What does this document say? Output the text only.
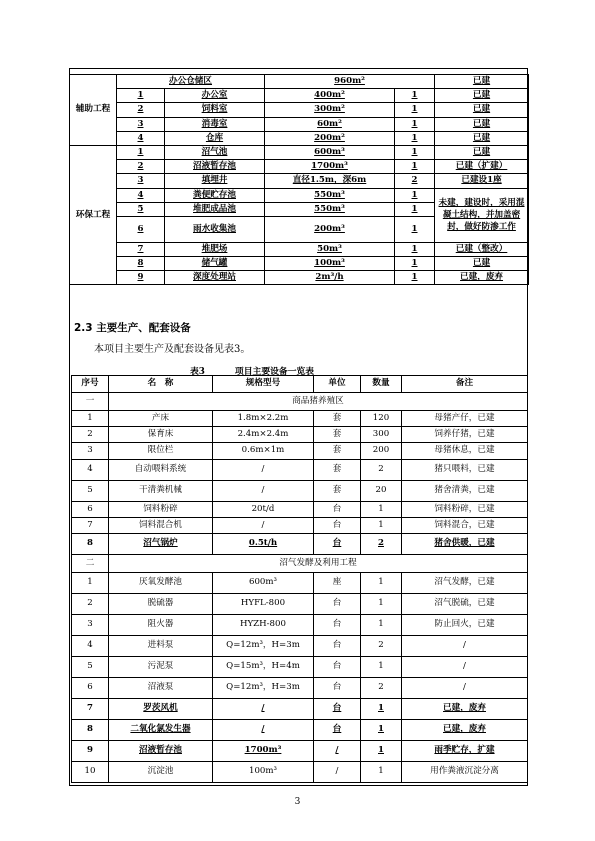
辅助工程	办公仓储区		960m²		已建
	1	办公室	400m²	1	已建
	2	饲料室	300m²	1	已建
	3	消毒室	60m²	1	已建
	4	仓库	200m²	1	已建
环保工程	1	沼气池	600m³	1	已建
	2	沼液暂存池	1700m³	1	已建（扩建）
	3	填埋井	直径1.5m，深6m	2	已建设1座
	4	粪便贮存池	550m³	1	未建，建设时，采用混凝土结构，并加盖密封，做好防渗工作
	5	堆肥成品池	550m³	1	
	6	雨水收集池	200m³	1	
	7	堆肥场	50m³	1	已建（整改）
	8	储气罐	100m³	1	已建
	9	深度处理站	2m³/h	1	已建，废弃
2.3 主要生产、配套设备
本项目主要生产及配套设备见表3。
表3	项目主要设备一览表
序号	名　称	规格型号	单位	数量	备注
一	商品猪养殖区				
1	产床	1.8m×2.2m	套	120	母猪产仔，已建
2	保育床	2.4m×2.4m	套	300	饲养仔猪，已建
3	限位栏	0.6m×1m	套	200	母猪休息，已建
4	自动喂料系统	/	套	2	猪只喂料，已建
5	干清粪机械	/	套	20	猪舍清粪，已建
6	饲料粉碎	20t/d	台	1	饲料粉碎，已建
7	饲料混合机	/	台	1	饲料混合，已建
8	沼气锅炉	0.5t/h	台	2	猪舍供暖，已建
二	沼气发酵及利用工程				
1	厌氧发酵池	600m³	座	1	沼气发酵，已建
2	脱硫器	HYFL-800	台	1	沼气脱硫，已建
3	阻火器	HYZH-800	台	1	防止回火，已建
4	进料泵	Q=12m³，H=3m	台	2	/
5	污泥泵	Q=15m³，H=4m	台	1	/
6	沼液泵	Q=12m³，H=3m	台	2	/
7	罗茨风机	/	台	1	已建，废弃
8	二氧化氯发生器	/	台	1	已建，废弃
9	沼液暂存池	1700m³	/	1	雨季贮存，扩建
10	沉淀池	100m³	/	1	用作粪液沉淀分离
3
